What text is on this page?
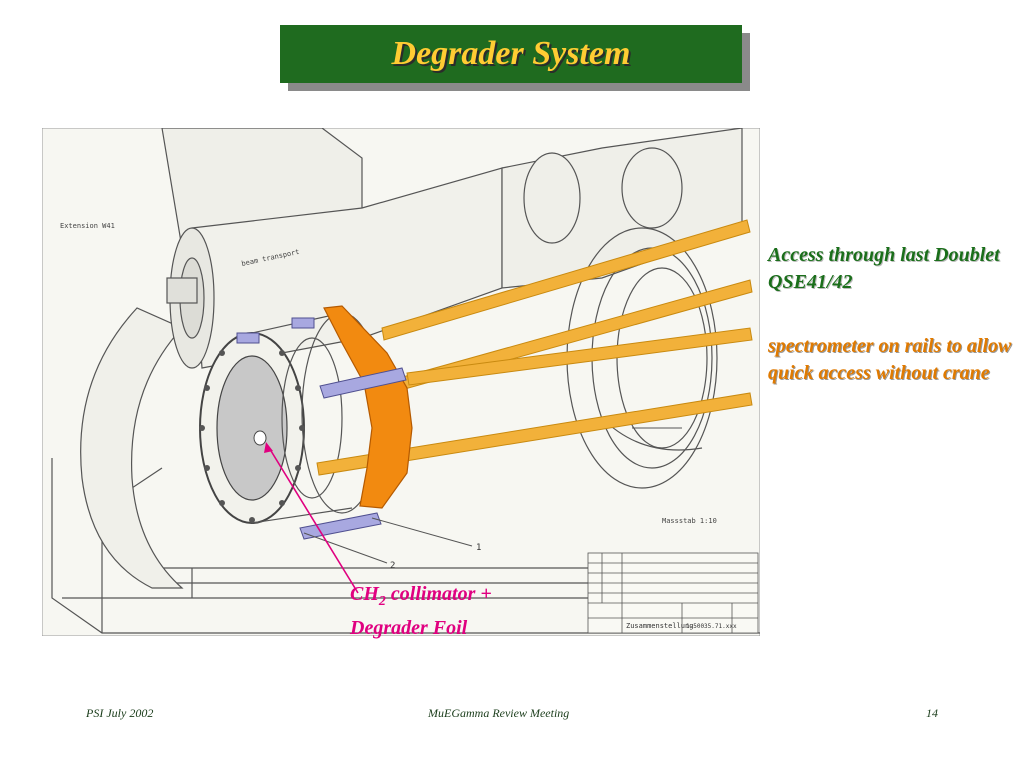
Degrader System
1
2
Extension W41
beam transport
Massstab 1:10
Zusammenstellung
1-50035.71.xxx
Access through last Doublet QSE41/42
spectrometer on rails to allow quick access without crane
$CH_2$ collimator +
Degrader Foil
PSI July 2002	MuEGamma Review Meeting	14
